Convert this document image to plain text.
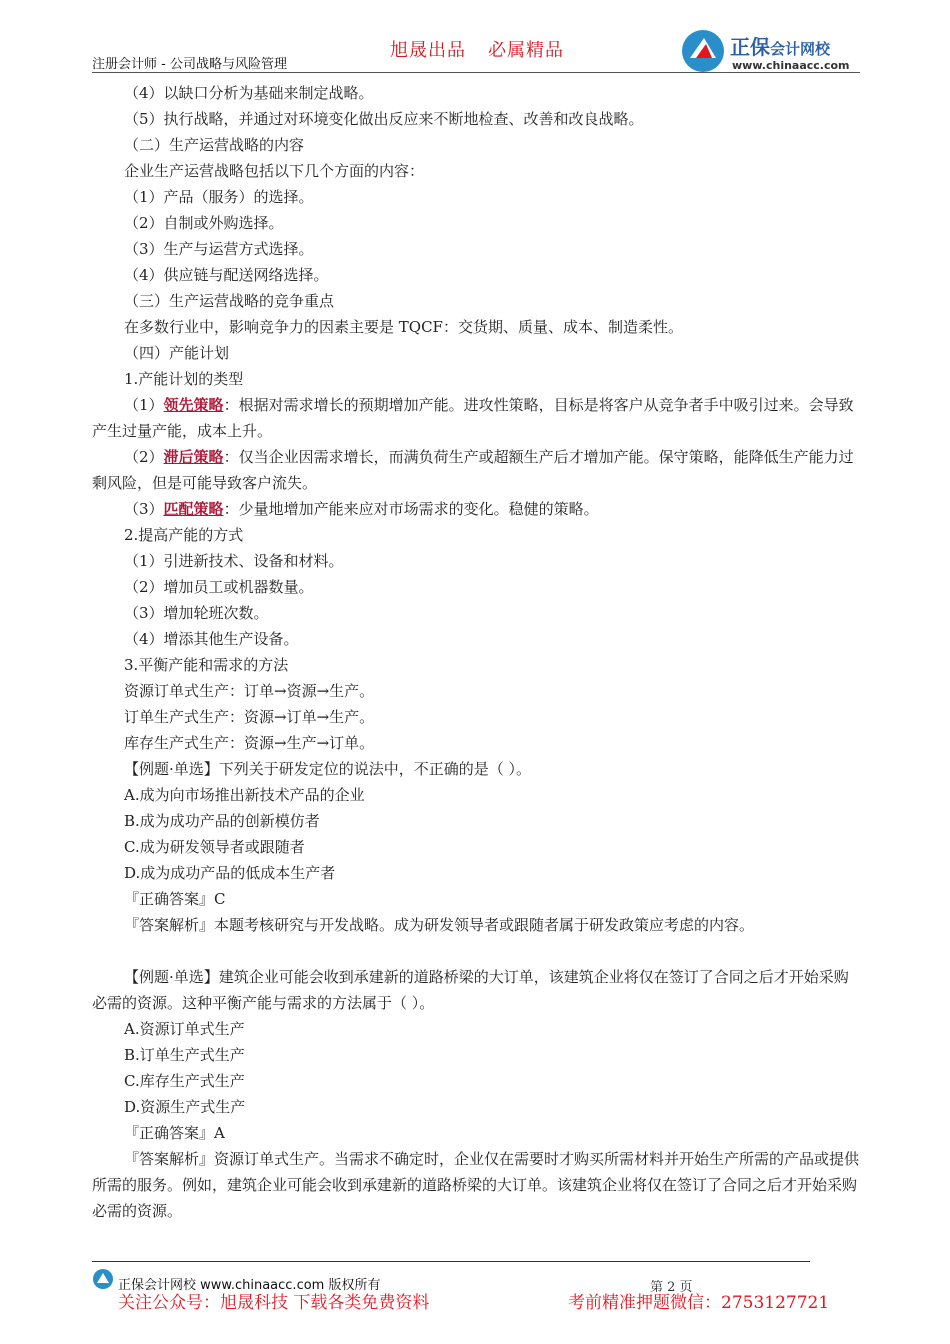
注册会计师 - 公司战略与风险管理
旭晟出品 必属精品	正保会计网校
www.chinaacc.com

（4）以缺口分析为基础来制定战略。

（5）执行战略，并通过对环境变化做出反应来不断地检查、改善和改良战略。

（二）生产运营战略的内容

企业生产运营战略包括以下几个方面的内容：

（1）产品（服务）的选择。

（2）自制或外购选择。

（3）生产与运营方式选择。

（4）供应链与配送网络选择。

（三）生产运营战略的竞争重点

在多数行业中，影响竞争力的因素主要是 TQCF：交货期、质量、成本、制造柔性。

（四）产能计划

1.产能计划的类型

（1）领先策略：根据对需求增长的预期增加产能。进攻性策略，目标是将客户从竞争者手中吸引过来。会导致产生过量产能，成本上升。

（2）滞后策略：仅当企业因需求增长，而满负荷生产或超额生产后才增加产能。保守策略，能降低生产能力过剩风险，但是可能导致客户流失。

（3）匹配策略：少量地增加产能来应对市场需求的变化。稳健的策略。

2.提高产能的方式

（1）引进新技术、设备和材料。

（2）增加员工或机器数量。

（3）增加轮班次数。

（4）增添其他生产设备。

3.平衡产能和需求的方法

资源订单式生产：订单→资源→生产。

订单生产式生产：资源→订单→生产。

库存生产式生产：资源→生产→订单。

【例题·单选】下列关于研发定位的说法中，不正确的是（ ）。

A.成为向市场推出新技术产品的企业

B.成为成功产品的创新模仿者

C.成为研发领导者或跟随者

D.成为成功产品的低成本生产者

『正确答案』C

『答案解析』本题考核研究与开发战略。成为研发领导者或跟随者属于研发政策应考虑的内容。

【例题·单选】建筑企业可能会收到承建新的道路桥梁的大订单，该建筑企业将仅在签订了合同之后才开始采购必需的资源。这种平衡产能与需求的方法属于（ ）。

A.资源订单式生产

B.订单生产式生产

C.库存生产式生产

D.资源生产式生产

『正确答案』A

『答案解析』资源订单式生产。当需求不确定时，企业仅在需要时才购买所需材料并开始生产所需的产品或提供所需的服务。例如，建筑企业可能会收到承建新的道路桥梁的大订单。该建筑企业将仅在签订了合同之后才开始采购必需的资源。

正保会计网校 www.chinaacc.com 版权所有	第 2 页
关注公众号：旭晟科技 下载各类免费资料	考前精准押题微信：2753127721
